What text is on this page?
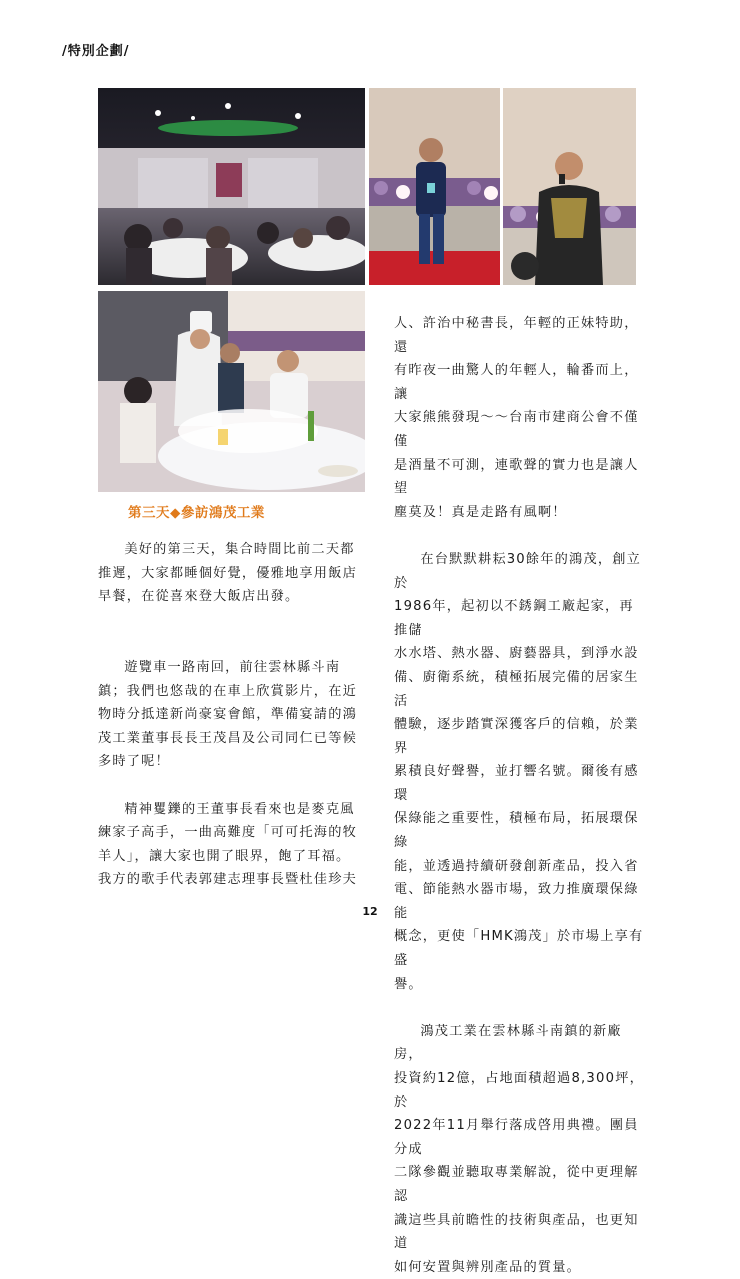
/特別企劃/
第三天◆參訪鴻茂工業

美好的第三天，集合時間比前二天都
推遲，大家都睡個好覺，優雅地享用飯店
早餐，在從喜來登大飯店出發。

遊覽車一路南回，前往雲林縣斗南
鎮；我們也悠哉的在車上欣賞影片，在近
物時分抵達新尚豪宴會館，準備宴請的鴻
茂工業董事長長王茂昌及公司同仁已等候
多時了呢！

精神矍鑠的王董事長看來也是麥克風
練家子高手，一曲高難度「可可托海的牧
羊人」，讓大家也開了眼界，飽了耳福。
我方的歌手代表郭建志理事長暨杜佳珍夫

人、許治中秘書長，年輕的正妹特助，還
有昨夜一曲驚人的年輕人，輪番而上，讓
大家熊熊發現～～台南市建商公會不僅僅
是酒量不可測，連歌聲的實力也是讓人望
塵莫及！真是走路有風啊！

在台默默耕耘30餘年的鴻茂，創立於
1986年，起初以不銹鋼工廠起家，再推儲
水水塔、熱水器、廚藝器具，到淨水設
備、廚衛系統，積極拓展完備的居家生活
體驗，逐步踏實深獲客戶的信賴，於業界
累積良好聲譽，並打響名號。爾後有感環
保綠能之重要性，積極布局，拓展環保綠
能，並透過持續研發創新產品，投入省
電、節能熱水器市場，致力推廣環保綠能
概念，更使「HMK鴻茂」於市場上享有盛
譽。

鴻茂工業在雲林縣斗南鎮的新廠房，
投資約12億，占地面積超過8,300坪，於
2022年11月舉行落成啓用典禮。團員分成
二隊參觀並聽取專業解說，從中更理解認
識這些具前瞻性的技術與產品，也更知道
如何安置與辨別產品的質量。

12
